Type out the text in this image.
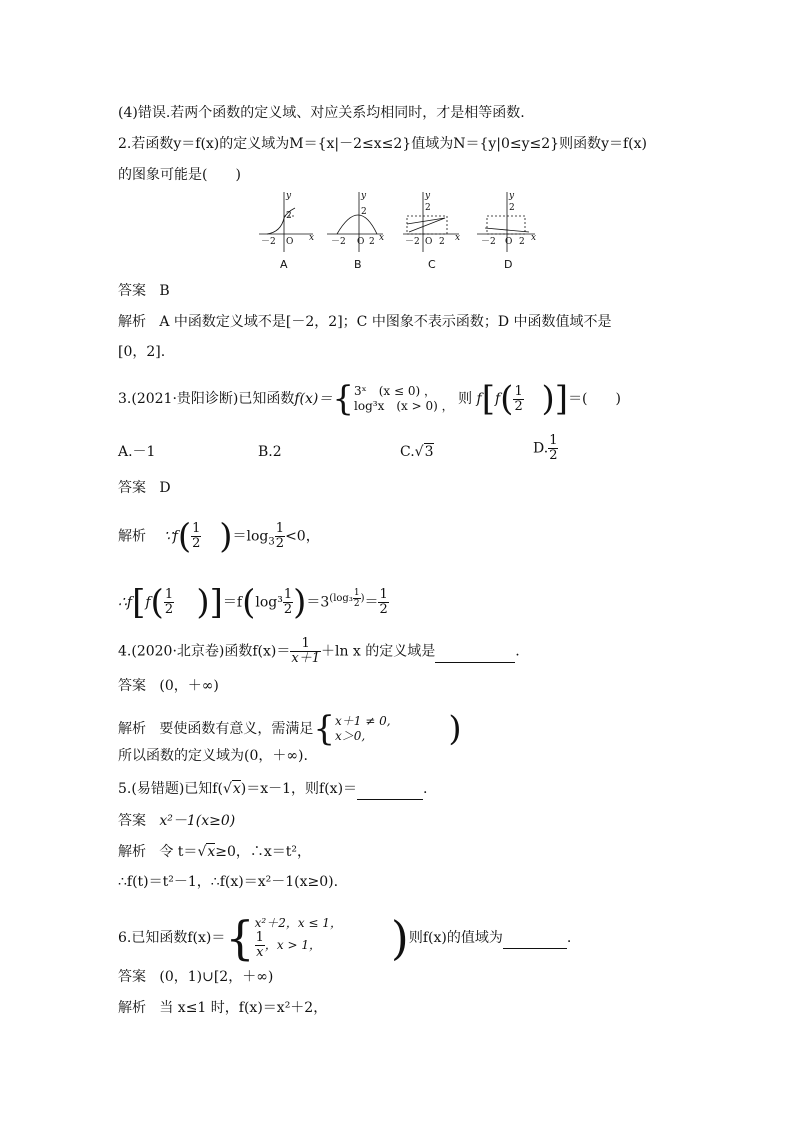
(4)错误.若两个函数的定义域、对应关系均相同时，才是相等函数.
2.若函数y＝f(x)的定义域为M＝{x|－2≤x≤2}值域为N＝{y|0≤y≤2}则函数y＝f(x)
的图象可能是(　　)
y
2
－2 O x
y
2
－2 O 2 x
y
2
－2 O 2 x
y
2
－2 O 2 x
A	B	C	D
答案 B
解析 A 中函数定义域不是[－2，2]；C 中图象不表示函数；D 中函数值域不是
[0，2].
3.(2021·贵阳诊断)已知函数f(x)＝{ 3ˣ　(x ≤ 0) ，
log³x　(x > 0) ， 则 $f[f( \frac{1}{2}$ )]＝(　　)
A.－1	B.2	C.√3	D. $\frac{1}{2}$
答案 D
解析 ∵f( $\frac{1}{2} )=\log_3 \frac{1}{2} <0$，
∴f[f( $\frac{1}{2} )]=f(\log^3 \frac{1}{2} )=3^{(log_3 \frac{1}{2} )}= \frac{1}{2}$
4.(2020·北京卷)函数$f(x)= \frac{1}{x+1} +\ln$ x 的定义域是	.
答案 (0，＋∞)
解析 要使函数有意义，需满足{ x＋1 ≠ 0,
x＞0,	)
所以函数的定义域为(0，＋∞).
5.(易错题)已知f(√x)＝x－1，则f(x)＝	.
答案 x²－1(x≥0)
解析 令 t＝√x≥0，∴x＝t²，
∴f(t)＝t²－1，∴f(x)＝x²－1(x≥0).
6.已知函数f(x)＝{ x²＋2，x ≤ 1，
$\frac{1}{x}$ ，x > 1，	)则f(x)的值域为	.
答案 (0，1)∪[2，＋∞)
解析 当 x≤1 时，f(x)＝x²＋2，
